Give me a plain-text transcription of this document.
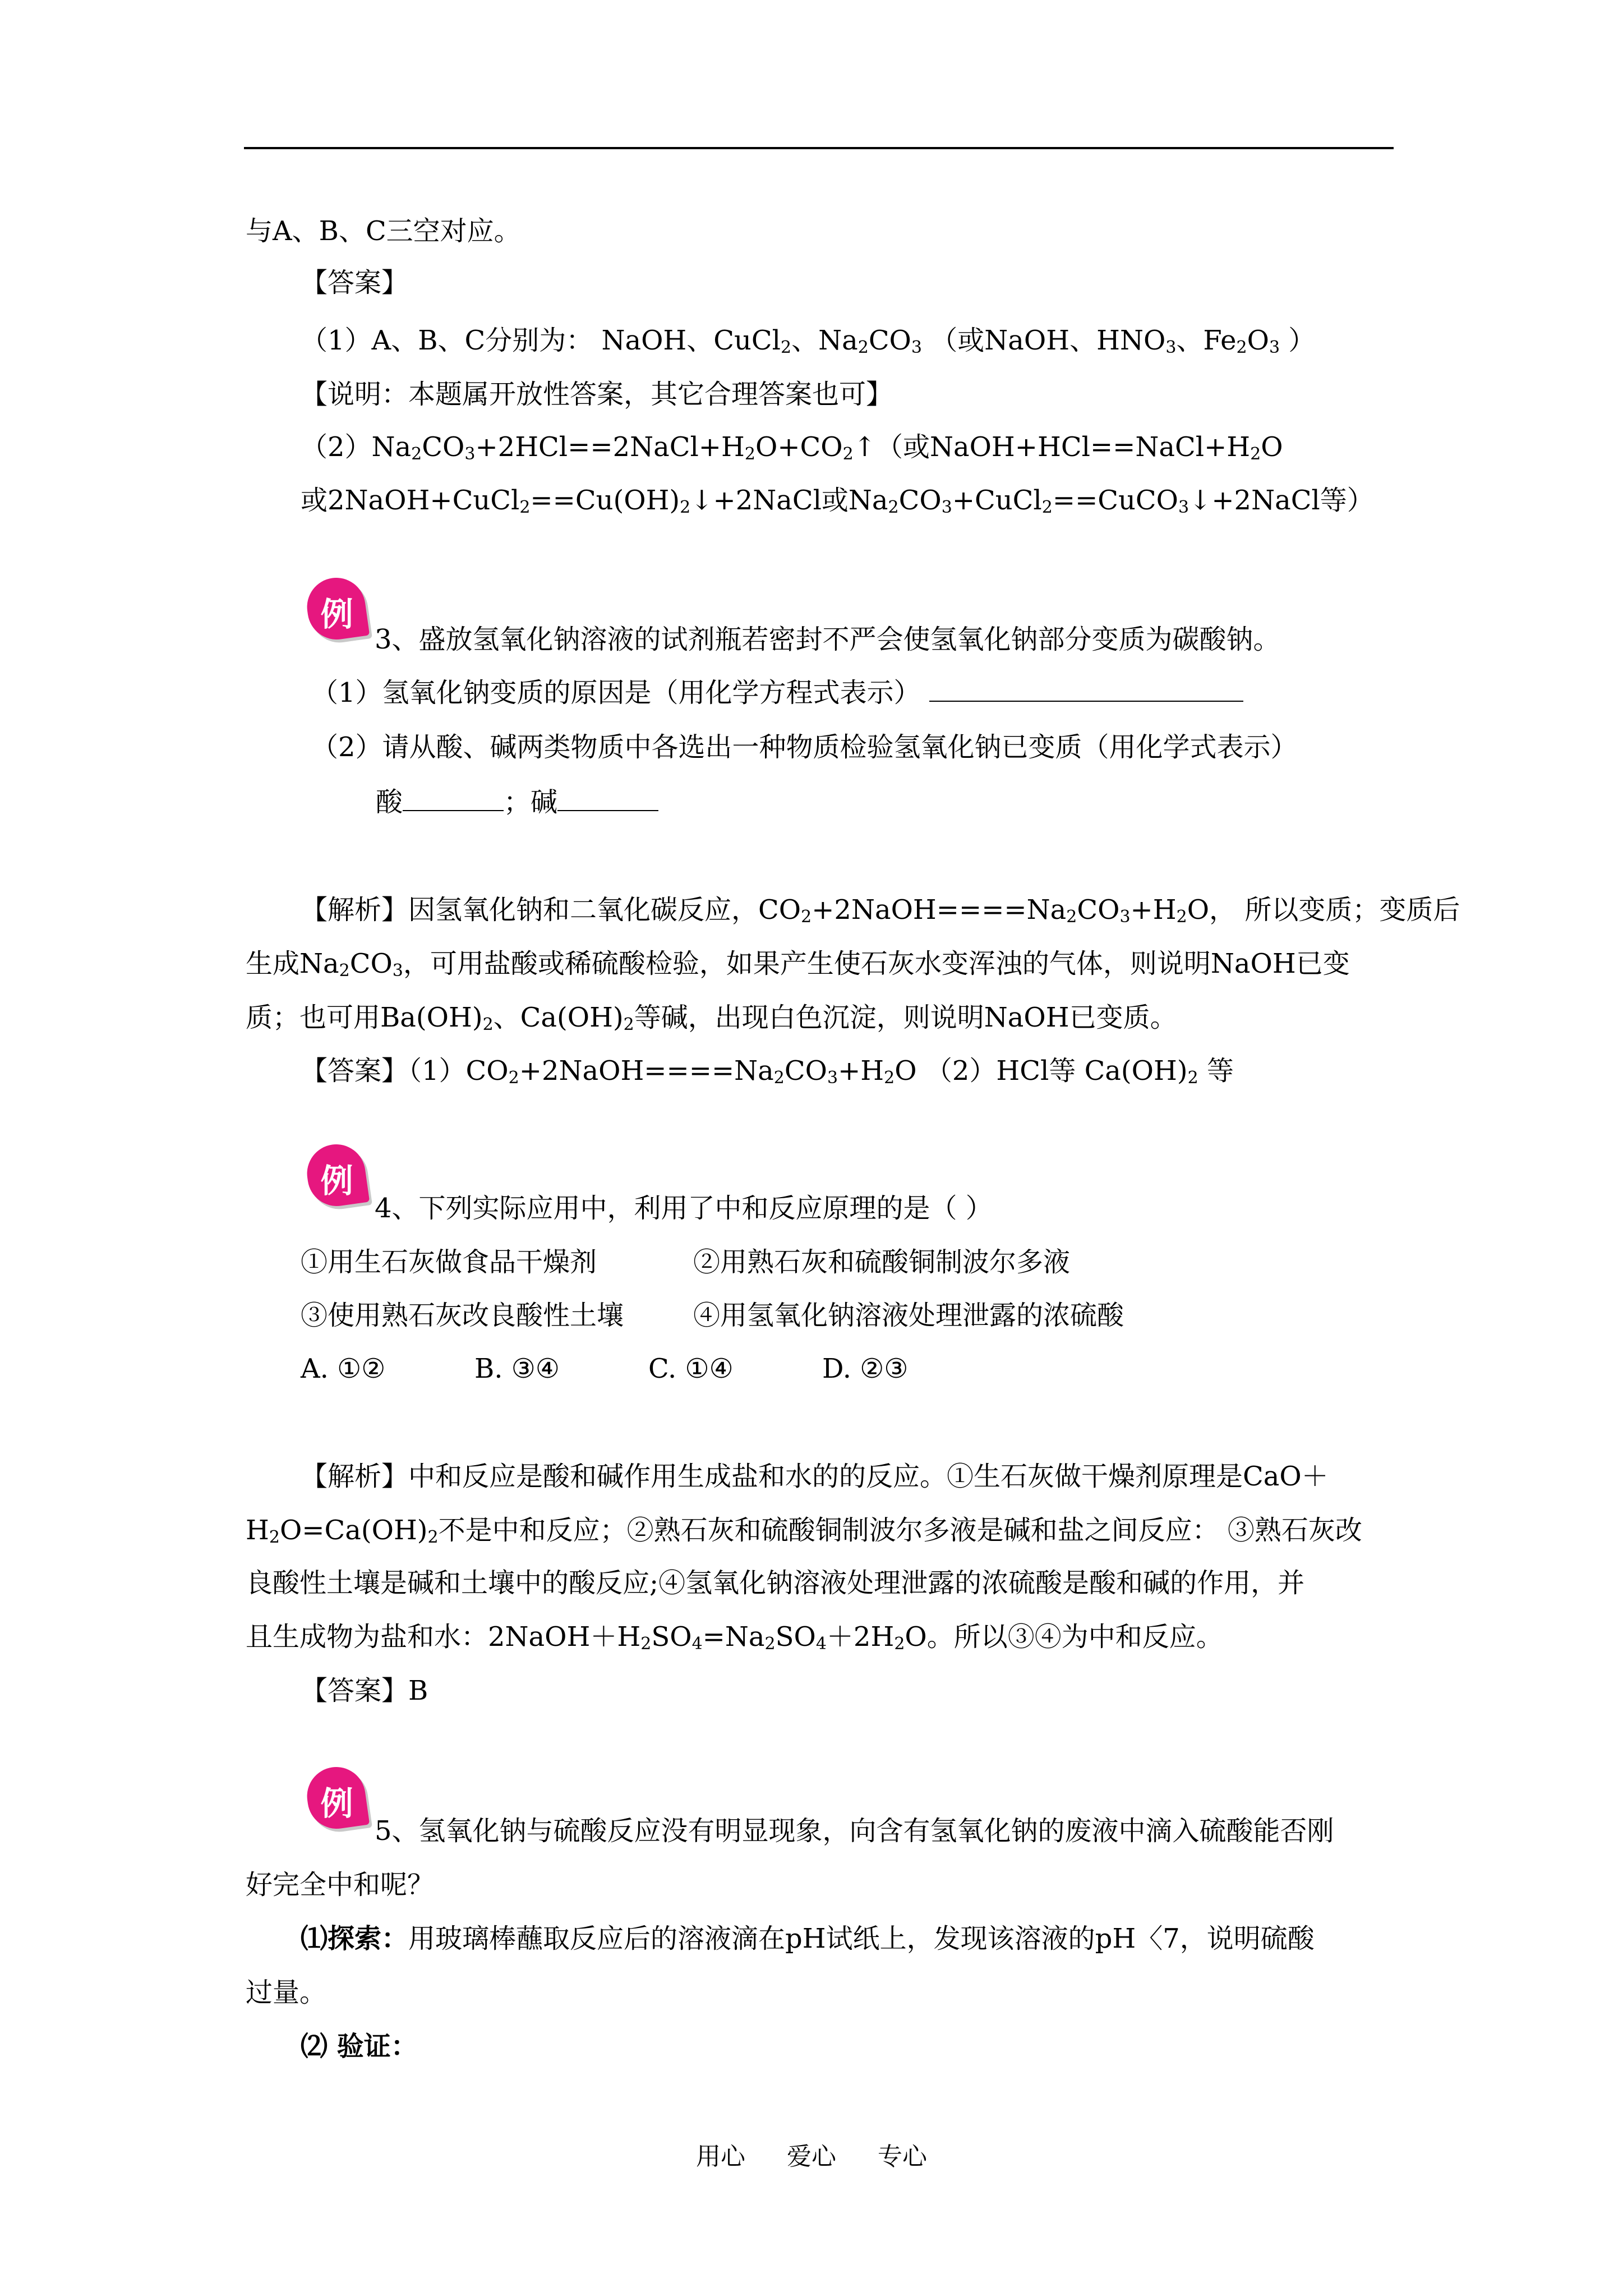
与A、B、C三空对应。
【答案】
（1）A、B、C分别为： NaOH、CuCl$_2$、$Na_2CO_3$ （或NaOH、$HNO_3$、$Fe_2O_3$ ）
【说明：本题属开放性答案，其它合理答案也可】
$(2)Na_2CO_3+2HCl==2NaCl+H_2O+CO_2↑$（或$NaOH+HCl==NaCl+H_2O$
或$2NaOH+CuCl_2==Cu(OH)_2↓+2NaCl$或$Na_2CO_3+CuCl_2==CuCO_3↓+2NaCl$等）
例
3、盛放氢氧化钠溶液的试剂瓶若密封不严会使氢氧化钠部分变质为碳酸钠。
（1）氢氧化钠变质的原因是（用化学方程式表示）
（2）请从酸、碱两类物质中各选出一种物质检验氢氧化钠已变质（用化学式表示）
酸	；碱
【解析】因氢氧化钠和二氧化碳反应，$CO_2+2NaOH====Na_2CO_3+H_2O$， 所以变质；变质后
生成$Na_2CO_3$，可用盐酸或稀硫酸检验，如果产生使石灰水变浑浊的气体，则说明NaOH已变
质；也可用$Ba(OH)_2$、$Ca(OH)_2$等碱，出现白色沉淀，则说明NaOH已变质。
【答案】$(1)CO_2+2NaOH====Na_2CO_3+H_2O$ （2）HCl等 $Ca(OH)_2$ 等
例
4、下列实际应用中，利用了中和反应原理的是（ ）
①用生石灰做食品干燥剂	②用熟石灰和硫酸铜制波尔多液
③使用熟石灰改良酸性土壤	④用氢氧化钠溶液处理泄露的浓硫酸
A. ①②	B. ③④	C. ①④	D. ②③
【解析】中和反应是酸和碱作用生成盐和水的的反应。①生石灰做干燥剂原理是CaO＋
$H_2O=Ca(OH)_2$不是中和反应；②熟石灰和硫酸铜制波尔多液是碱和盐之间反应： ③熟石灰改
良酸性土壤是碱和土壤中的酸反应;④氢氧化钠溶液处理泄露的浓硫酸是酸和碱的作用，并
且生成物为盐和水：$2NaOH+H_2SO_4=Na_2SO_4+2H_2O$。所以③④为中和反应。
【答案】B
例
5、氢氧化钠与硫酸反应没有明显现象，向含有氢氧化钠的废液中滴入硫酸能否刚
好完全中和呢？
⑴探索：用玻璃棒蘸取反应后的溶液滴在pH试纸上，发现该溶液的pH〈7，说明硫酸
过量。
⑵ 验证：
用心 爱心 专心
